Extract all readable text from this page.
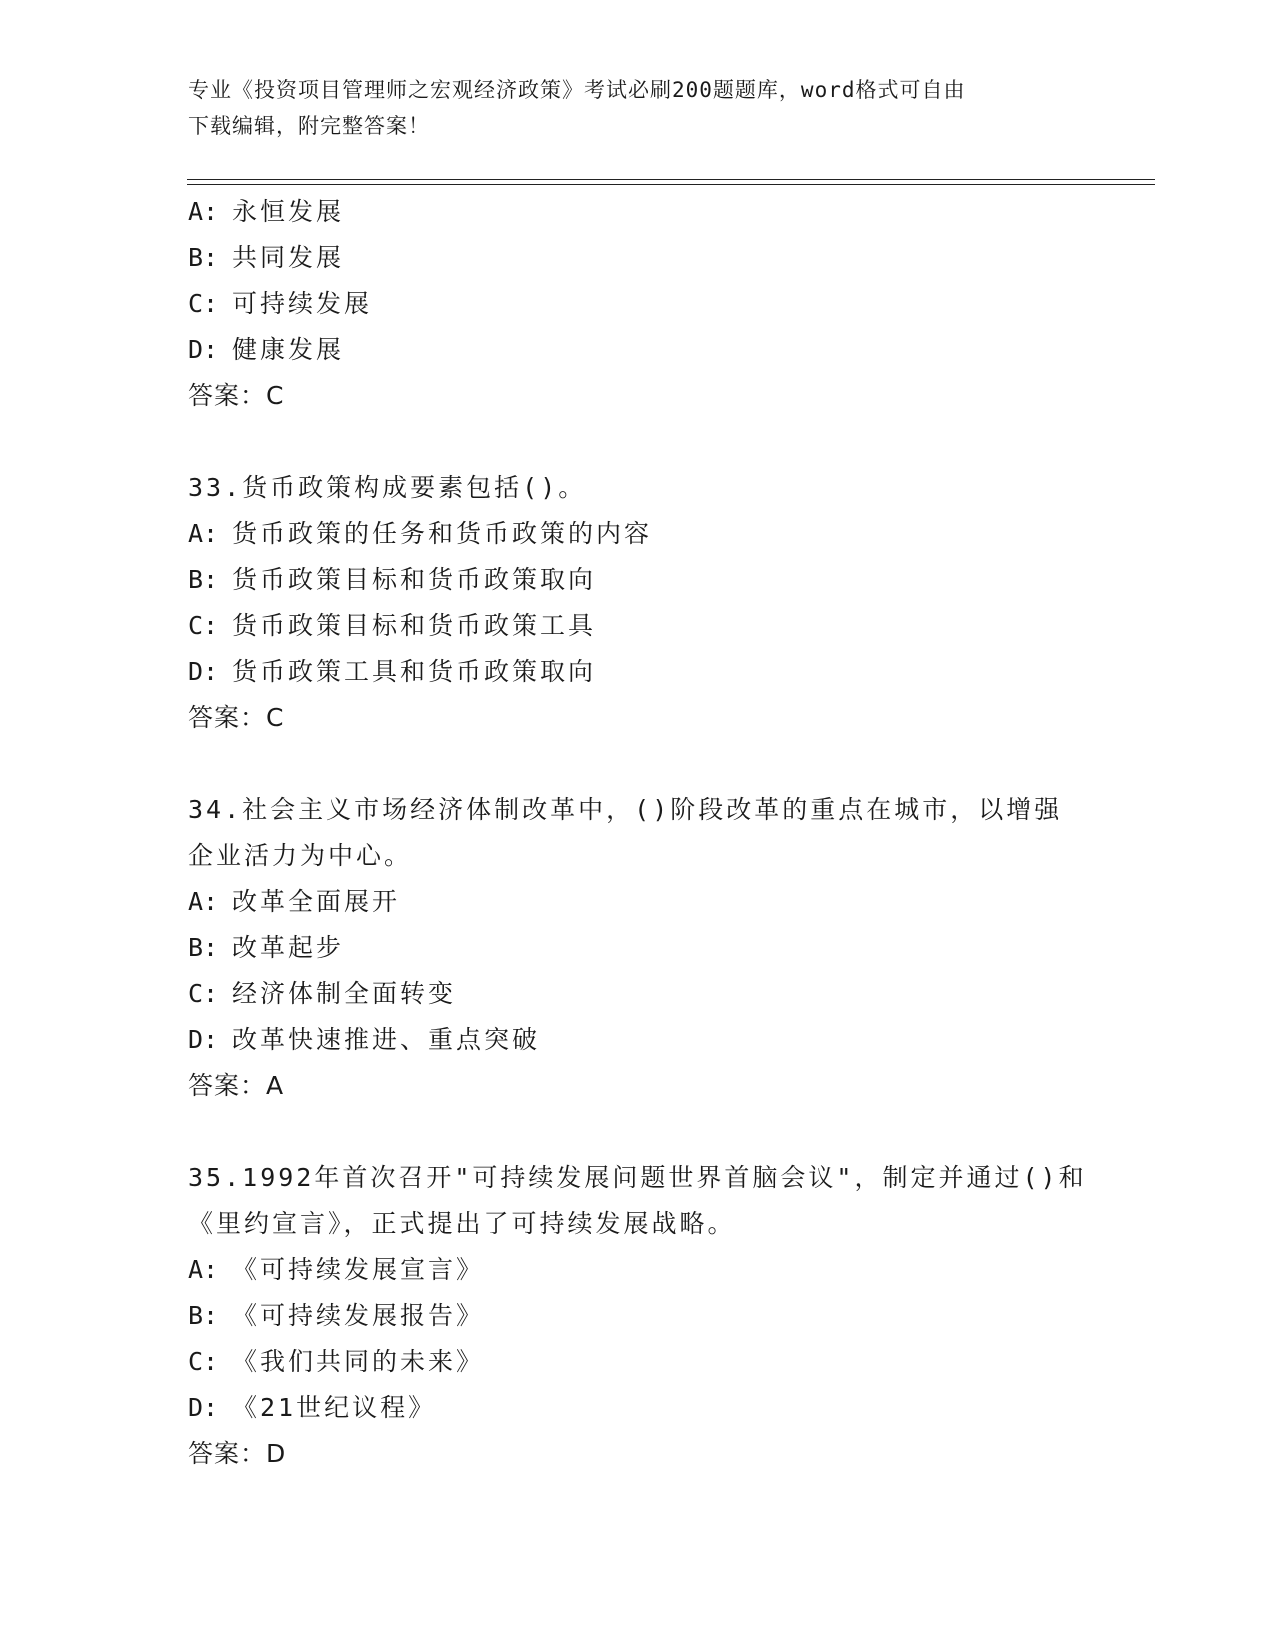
专业《投资项目管理师之宏观经济政策》考试必刷200题题库，word格式可自由
下载编辑，附完整答案！
A: 永恒发展
B: 共同发展
C: 可持续发展
D: 健康发展
答案：C
33.货币政策构成要素包括()。
A: 货币政策的任务和货币政策的内容
B: 货币政策目标和货币政策取向
C: 货币政策目标和货币政策工具
D: 货币政策工具和货币政策取向
答案：C
34.社会主义市场经济体制改革中，()阶段改革的重点在城市，以增强
企业活力为中心。
A: 改革全面展开
B: 改革起步
C: 经济体制全面转变
D: 改革快速推进、重点突破
答案：A
35.1992年首次召开"可持续发展问题世界首脑会议"，制定并通过()和
《里约宣言》，正式提出了可持续发展战略。
A: 《可持续发展宣言》
B: 《可持续发展报告》
C: 《我们共同的未来》
D: 《21世纪议程》
答案：D
